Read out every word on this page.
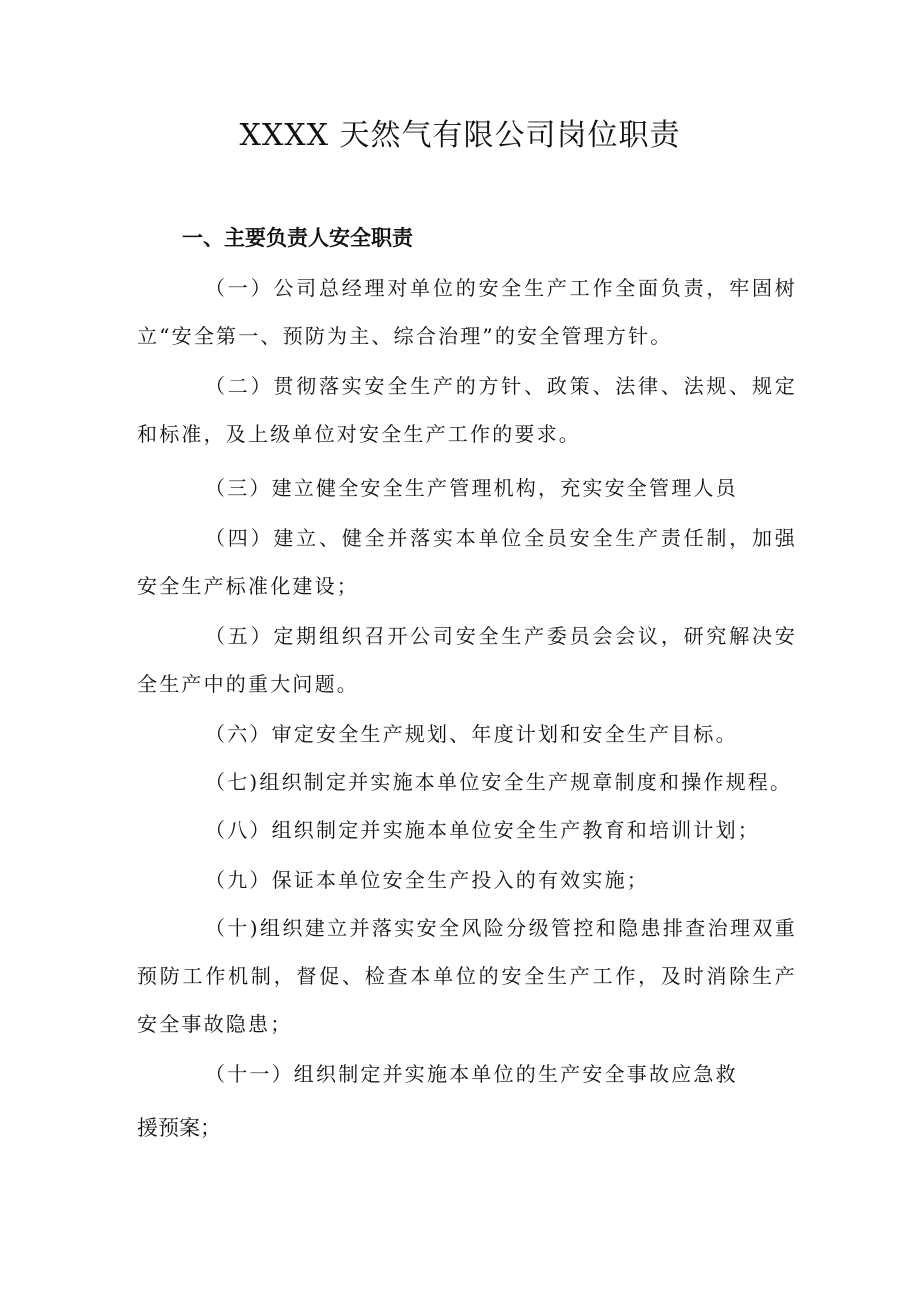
XXXX 天然气有限公司岗位职责
一、主要负责人安全职责

（一）公司总经理对单位的安全生产工作全面负责，牢固树立“安全第一、预防为主、综合治理”的安全管理方针。

（二）贯彻落实安全生产的方针、政策、法律、法规、规定和标准，及上级单位对安全生产工作的要求。

（三）建立健全安全生产管理机构，充实安全管理人员

（四）建立、健全并落实本单位全员安全生产责任制，加强安全生产标准化建设；

（五）定期组织召开公司安全生产委员会会议，研究解决安全生产中的重大问题。

（六）审定安全生产规划、年度计划和安全生产目标。

（七)组织制定并实施本单位安全生产规章制度和操作规程。

（八）组织制定并实施本单位安全生产教育和培训计划；

（九）保证本单位安全生产投入的有效实施；

（十)组织建立并落实安全风险分级管控和隐患排查治理双重预防工作机制，督促、检查本单位的安全生产工作，及时消除生产安全事故隐患；

（十一）组织制定并实施本单位的生产安全事故应急救

援预案；
